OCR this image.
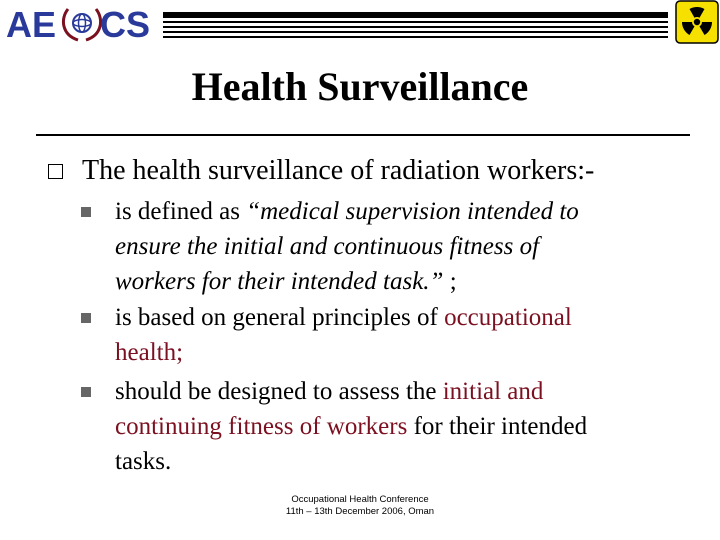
AE CS
Health Surveillance
The health surveillance of radiation workers:-
is defined as “medical supervision intended to
ensure the initial and continuous fitness of
workers for their intended task.” ;
is based on general principles of occupational
health;
should be designed to assess the initial and
continuing fitness of workers for their intended
tasks.
Occupational Health Conference
11th – 13th December 2006, Oman
